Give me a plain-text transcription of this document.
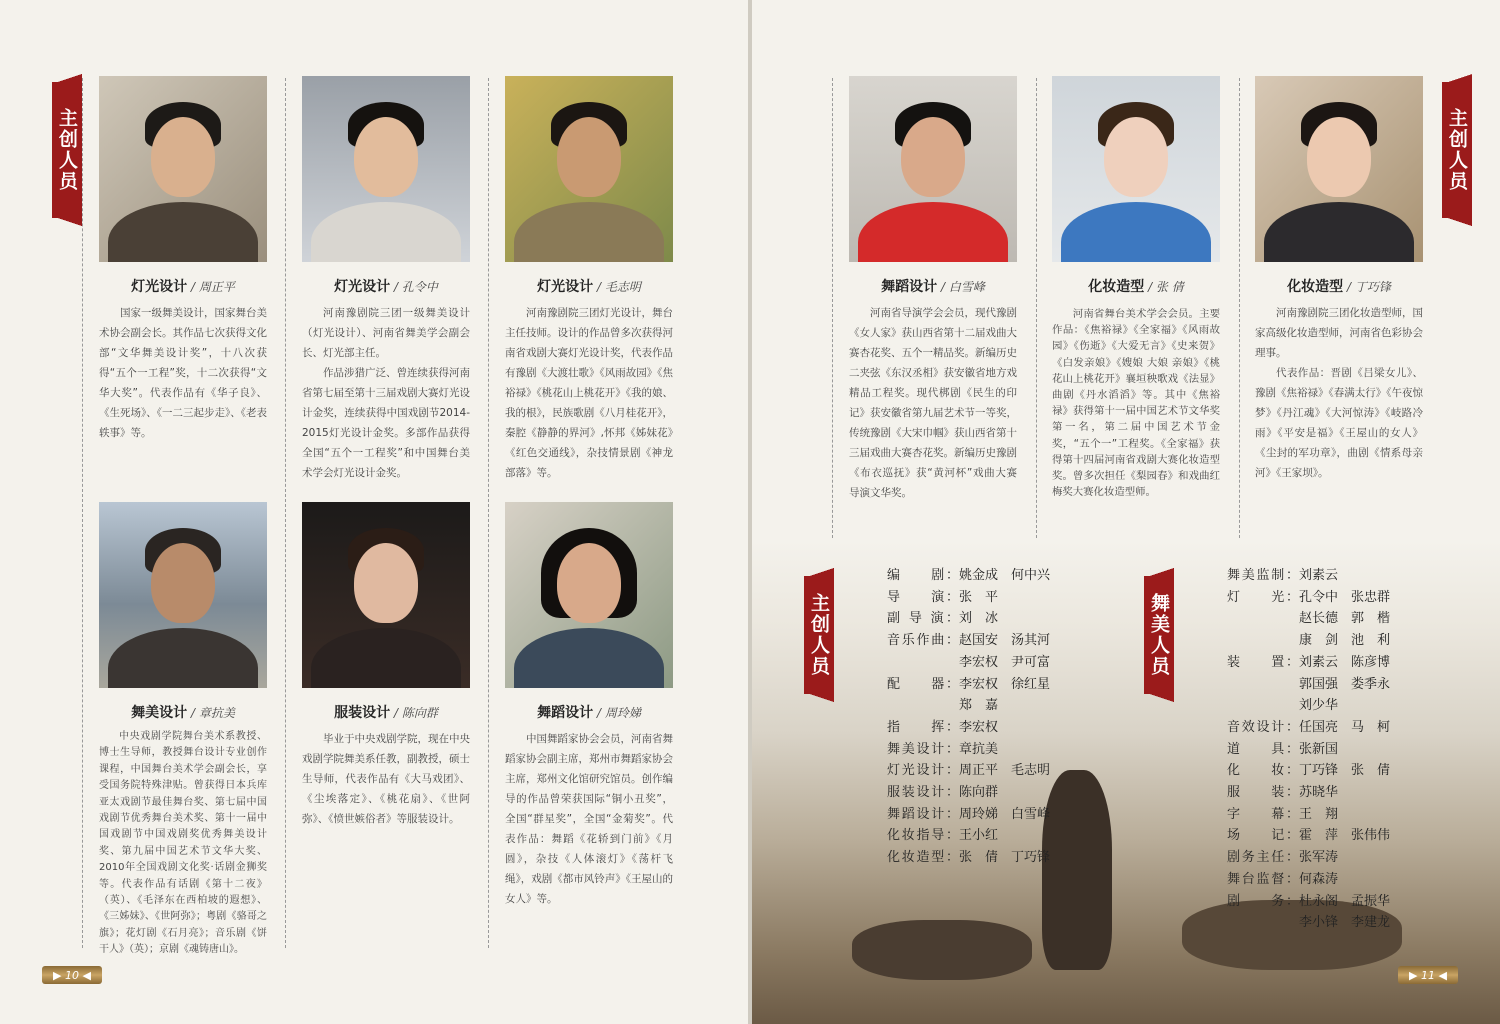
主创人员
灯光设计 / 周正平	灯光设计 / 孔令中	灯光设计 / 毛志明

国家一级舞美设计，国家舞台美术协会副会长。其作品七次获得文化部“文华舞美设计奖”，十八次获得“五个一工程”奖，十二次获得“文华大奖”。代表作品有《华子良》、《生死场》、《一二三起步走》、《老表轶事》等。

河南豫剧院三团一级舞美设计（灯光设计）、河南省舞美学会副会长、灯光部主任。

作品涉猎广泛、曾连续获得河南省第七届至第十三届戏剧大赛灯光设计金奖，连续获得中国戏剧节2014-2015灯光设计金奖。多部作品获得全国“五个一工程奖”和中国舞台美术学会灯光设计金奖。

河南豫剧院三团灯光设计，舞台主任技师。设计的作品曾多次获得河南省戏剧大赛灯光设计奖，代表作品有豫剧《大渡壮歌》《风雨故园》《焦裕禄》《桃花山上桃花开》《我的娘、我的根》，民族歌剧《八月桂花开》，秦腔《静静的界河》,怀邦《姊妹花》《红色交通线》，杂技情景剧《神龙部落》等。

舞美设计 / 章抗美	服装设计 / 陈向群	舞蹈设计 / 周玲娣

中央戏剧学院舞台美术系教授、博士生导师，教授舞台设计专业创作课程，中国舞台美术学会副会长，享受国务院特殊津贴。曾获得日本兵库亚太戏剧节最佳舞台奖、第七届中国戏剧节优秀舞台美术奖、第十一届中国戏剧节中国戏剧奖优秀舞美设计奖、第九届中国艺术节文华大奖、2010年全国戏剧文化奖·话剧金狮奖等。代表作品有话剧《第十二夜》（英）、《毛泽东在西柏坡的遐想》、《三姊妹》、《世阿弥》；粤剧《骆哥之旗》；花灯剧《石月亮》；音乐剧《饼干人》（英）；京剧《魂铸唐山》。

毕业于中央戏剧学院，现在中央戏剧学院舞美系任教，副教授，硕士生导师，代表作品有《大马戏团》、《尘埃落定》、《桃花扇》、《世阿弥》、《愤世嫉俗者》等服装设计。

中国舞蹈家协会会员，河南省舞蹈家协会副主席，郑州市舞蹈家协会主席，郑州文化馆研究馆员。创作编导的作品曾荣获国际“铜小丑奖”，全国“群星奖”，全国“金菊奖”。代表作品：舞蹈《花轿到门前》《月圆》，杂技《人体滚灯》《荡杆飞绳》，戏剧《都市风铃声》《王屋山的女人》等。

▶ 10 ◀
主创人员
舞蹈设计 / 白雪峰	化妆造型 / 张 倩	化妆造型 / 丁巧锋

河南省导演学会会员，现代豫剧《女人家》获山西省第十二届戏曲大赛杏花奖、五个一精品奖。新编历史二夹弦《东汉丞相》获安徽省地方戏精品工程奖。现代梆剧《民生的印记》获安徽省第九届艺术节一等奖，传统豫剧《大宋巾帼》获山西省第十三届戏曲大赛杏花奖。新编历史豫剧《布衣巡抚》获“黄河杯”戏曲大赛导演文华奖。

河南省舞台美术学会会员。主要作品：《焦裕禄》《全家福》《风雨故园》《伤逝》《大爱无言》《史来贺》《白发亲娘》《嫂娘 大娘 亲娘》《桃花山上桃花开》襄垣秧歌戏《法显》曲剧《丹水滔滔》等。其中《焦裕禄》获得第十一届中国艺术节文华奖第一名，第二届中国艺术节金奖，“五个一”工程奖。《全家福》获得第十四届河南省戏剧大赛化妆造型奖。曾多次担任《梨园春》和戏曲红梅奖大赛化妆造型师。

河南豫剧院三团化妆造型师，国家高级化妆造型师，河南省色彩协会理事。

代表作品：晋剧《吕梁女儿》、豫剧《焦裕禄》《春满太行》《午夜惊梦》《丹江魂》《大河惊涛》《岐路冷雨》《平安是福》《王屋山的女人》《尘封的军功章》，曲剧《情系母亲河》《王家坝》。

主创人员	舞美人员
编　　剧：姚金成 何中兴
导　　演：张　平
副 导 演：刘　冰
音乐作曲：赵国安 汤其河
李宏权 尹可富
配　　器：李宏权 徐红星
郑　嘉
指　　挥：李宏权
舞美设计：章抗美
灯光设计：周正平 毛志明
服装设计：陈向群
舞蹈设计：周玲娣 白雪峰
化妆指导：王小红
化妆造型：张　倩 丁巧锋
舞美监制：刘素云
灯　　光：孔令中 张忠群
赵长德 郭　楷
康　剑 池　利
装　　置：刘素云 陈彦博
郭国强 娄季永
刘少华
音效设计：任国亮 马　柯
道　　具：张新国
化　　妆：丁巧锋 张　倩
服　　装：苏晓华
字　　幕：王　翔
场　　记：霍　萍 张伟伟
剧务主任：张军涛
舞台监督：何森涛
剧　　务：杜永阁 孟振华
李小锋 李建龙
▶ 11 ◀
